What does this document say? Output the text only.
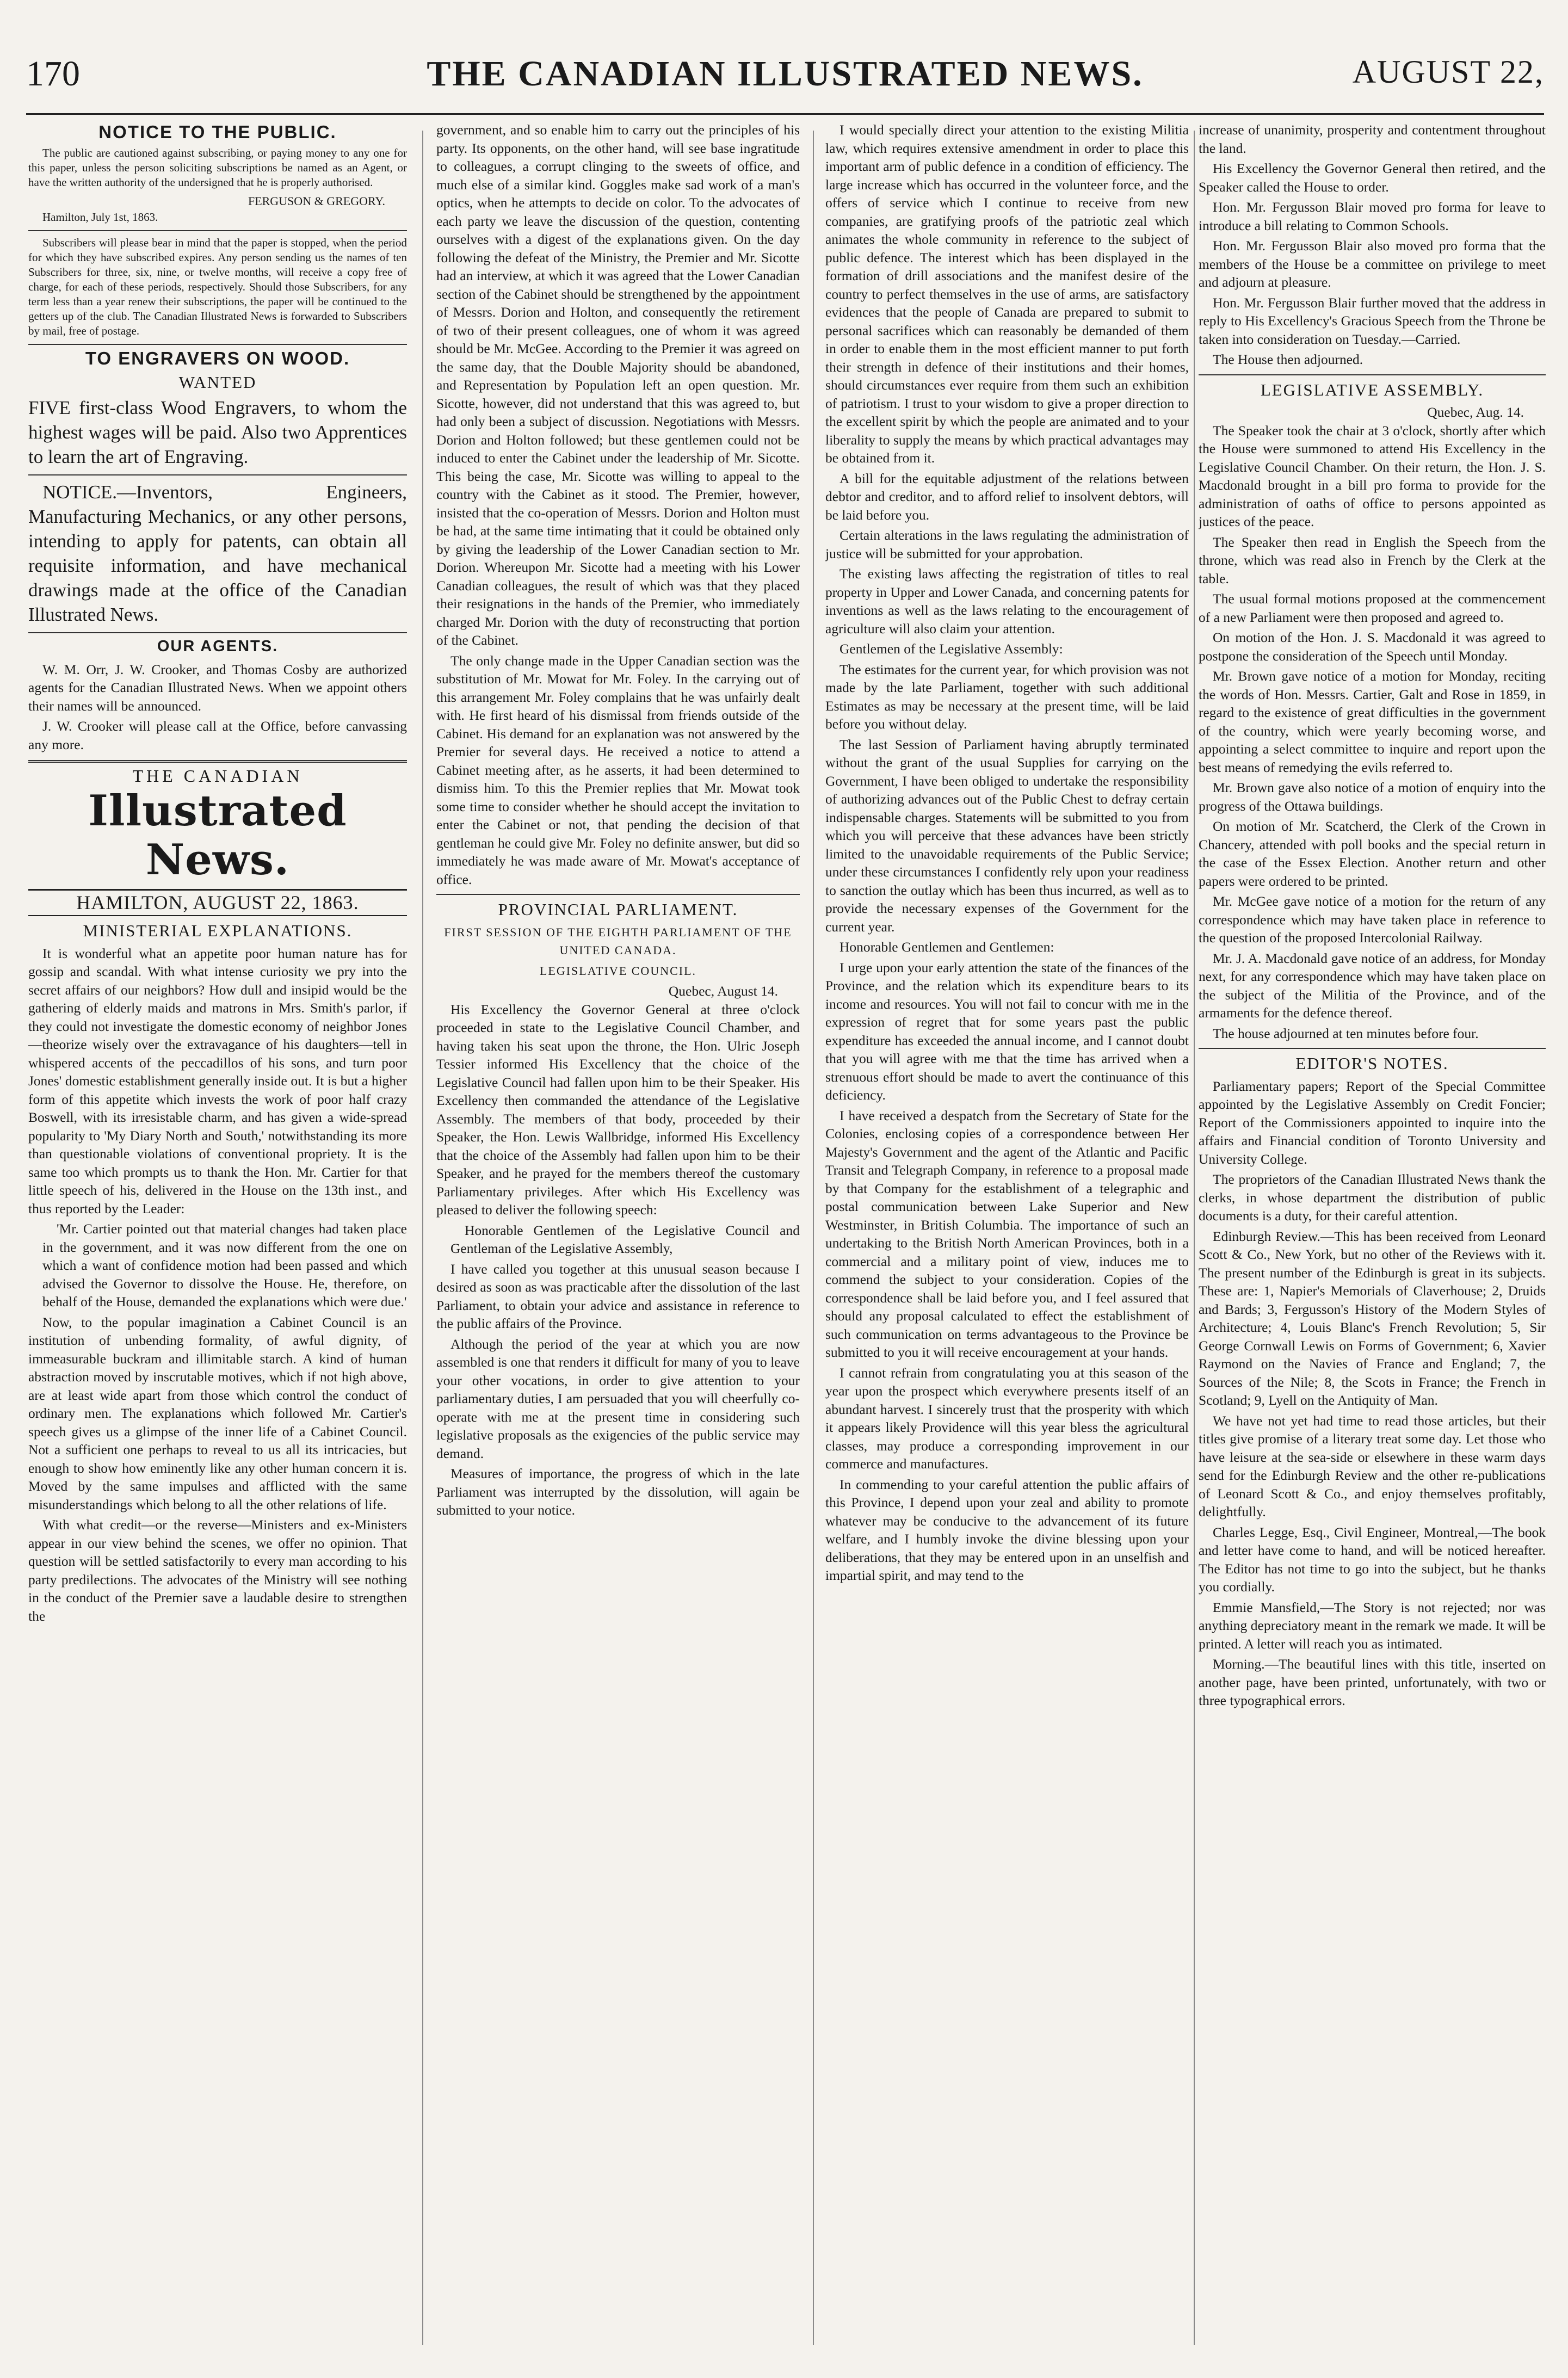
170	THE CANADIAN ILLUSTRATED NEWS.	AUGUST 22,
NOTICE TO THE PUBLIC.

The public are cautioned against subscribing, or paying money to any one for this paper, unless the person soliciting subscriptions be named as an Agent, or have the written authority of the undersigned that he is properly authorised.

FERGUSON & GREGORY.

Hamilton, July 1st, 1863.

Subscribers will please bear in mind that the paper is stopped, when the period for which they have subscribed expires. Any person sending us the names of ten Subscribers for three, six, nine, or twelve months, will receive a copy free of charge, for each of these periods, respectively. Should those Subscribers, for any term less than a year renew their subscriptions, the paper will be continued to the getters up of the club. The Canadian Illustrated News is forwarded to Subscribers by mail, free of postage.

TO ENGRAVERS ON WOOD.
WANTED

FIVE first-class Wood Engravers, to whom the highest wages will be paid. Also two Apprentices to learn the art of Engraving.

NOTICE.—Inventors, Engineers, Manufacturing Mechanics, or any other persons, intending to apply for patents, can obtain all requisite information, and have mechanical drawings made at the office of the Canadian Illustrated News.

OUR AGENTS.

W. M. Orr, J. W. Crooker, and Thomas Cosby are authorized agents for the Canadian Illustrated News. When we appoint others their names will be announced.

J. W. Crooker will please call at the Office, before canvassing any more.

THE CANADIAN
Illustrated News.
HAMILTON, AUGUST 22, 1863.
MINISTERIAL EXPLANATIONS.

It is wonderful what an appetite poor human nature has for gossip and scandal. With what intense curiosity we pry into the secret affairs of our neighbors? How dull and insipid would be the gathering of elderly maids and matrons in Mrs. Smith's parlor, if they could not investigate the domestic economy of neighbor Jones—theorize wisely over the extravagance of his daughters—tell in whispered accents of the peccadillos of his sons, and turn poor Jones' domestic establishment generally inside out. It is but a higher form of this appetite which invests the work of poor half crazy Boswell, with its irresistable charm, and has given a wide-spread popularity to 'My Diary North and South,' notwithstanding its more than questionable violations of conventional propriety. It is the same too which prompts us to thank the Hon. Mr. Cartier for that little speech of his, delivered in the House on the 13th inst., and thus reported by the Leader:

'Mr. Cartier pointed out that material changes had taken place in the government, and it was now different from the one on which a want of confidence motion had been passed and which advised the Governor to dissolve the House. He, therefore, on behalf of the House, demanded the explanations which were due.'

Now, to the popular imagination a Cabinet Council is an institution of unbending formality, of awful dignity, of immeasurable buckram and illimitable starch. A kind of human abstraction moved by inscrutable motives, which if not high above, are at least wide apart from those which control the conduct of ordinary men. The explanations which followed Mr. Cartier's speech gives us a glimpse of the inner life of a Cabinet Council. Not a sufficient one perhaps to reveal to us all its intricacies, but enough to show how eminently like any other human concern it is. Moved by the same impulses and afflicted with the same misunderstandings which belong to all the other relations of life.

With what credit—or the reverse—Ministers and ex-Ministers appear in our view behind the scenes, we offer no opinion. That question will be settled satisfactorily to every man according to his party predilections. The advocates of the Ministry will see nothing in the conduct of the Premier save a laudable desire to strengthen the

government, and so enable him to carry out the principles of his party. Its opponents, on the other hand, will see base ingratitude to colleagues, a corrupt clinging to the sweets of office, and much else of a similar kind. Goggles make sad work of a man's optics, when he attempts to decide on color. To the advocates of each party we leave the discussion of the question, contenting ourselves with a digest of the explanations given. On the day following the defeat of the Ministry, the Premier and Mr. Sicotte had an interview, at which it was agreed that the Lower Canadian section of the Cabinet should be strengthened by the appointment of Messrs. Dorion and Holton, and consequently the retirement of two of their present colleagues, one of whom it was agreed should be Mr. McGee. According to the Premier it was agreed on the same day, that the Double Majority should be abandoned, and Representation by Population left an open question. Mr. Sicotte, however, did not understand that this was agreed to, but had only been a subject of discussion. Negotiations with Messrs. Dorion and Holton followed; but these gentlemen could not be induced to enter the Cabinet under the leadership of Mr. Sicotte. This being the case, Mr. Sicotte was willing to appeal to the country with the Cabinet as it stood. The Premier, however, insisted that the co-operation of Messrs. Dorion and Holton must be had, at the same time intimating that it could be obtained only by giving the leadership of the Lower Canadian section to Mr. Dorion. Whereupon Mr. Sicotte had a meeting with his Lower Canadian colleagues, the result of which was that they placed their resignations in the hands of the Premier, who immediately charged Mr. Dorion with the duty of reconstructing that portion of the Cabinet.

The only change made in the Upper Canadian section was the substitution of Mr. Mowat for Mr. Foley. In the carrying out of this arrangement Mr. Foley complains that he was unfairly dealt with. He first heard of his dismissal from friends outside of the Cabinet. His demand for an explanation was not answered by the Premier for several days. He received a notice to attend a Cabinet meeting after, as he asserts, it had been determined to dismiss him. To this the Premier replies that Mr. Mowat took some time to consider whether he should accept the invitation to enter the Cabinet or not, that pending the decision of that gentleman he could give Mr. Foley no definite answer, but did so immediately he was made aware of Mr. Mowat's acceptance of office.

PROVINCIAL PARLIAMENT.
FIRST SESSION OF THE EIGHTH PARLIAMENT OF THE UNITED CANADA.
LEGISLATIVE COUNCIL.
Quebec, August 14.

His Excellency the Governor General at three o'clock proceeded in state to the Legislative Council Chamber, and having taken his seat upon the throne, the Hon. Ulric Joseph Tessier informed His Excellency that the choice of the Legislative Council had fallen upon him to be their Speaker. His Excellency then commanded the attendance of the Legislative Assembly. The members of that body, proceeded by their Speaker, the Hon. Lewis Wallbridge, informed His Excellency that the choice of the Assembly had fallen upon him to be their Speaker, and he prayed for the members thereof the customary Parliamentary privileges. After which His Excellency was pleased to deliver the following speech:

Honorable Gentlemen of the Legislative Council and Gentleman of the Legislative Assembly,

I have called you together at this unusual season because I desired as soon as was practicable after the dissolution of the last Parliament, to obtain your advice and assistance in reference to the public affairs of the Province.

Although the period of the year at which you are now assembled is one that renders it difficult for many of you to leave your other vocations, in order to give attention to your parliamentary duties, I am persuaded that you will cheerfully co-operate with me at the present time in considering such legislative proposals as the exigencies of the public service may demand.

Measures of importance, the progress of which in the late Parliament was interrupted by the dissolution, will again be submitted to your notice.

I would specially direct your attention to the existing Militia law, which requires extensive amendment in order to place this important arm of public defence in a condition of efficiency. The large increase which has occurred in the volunteer force, and the offers of service which I continue to receive from new companies, are gratifying proofs of the patriotic zeal which animates the whole community in reference to the subject of public defence. The interest which has been displayed in the formation of drill associations and the manifest desire of the country to perfect themselves in the use of arms, are satisfactory evidences that the people of Canada are prepared to submit to personal sacrifices which can reasonably be demanded of them in order to enable them in the most efficient manner to put forth their strength in defence of their institutions and their homes, should circumstances ever require from them such an exhibition of patriotism. I trust to your wisdom to give a proper direction to the excellent spirit by which the people are animated and to your liberality to supply the means by which practical advantages may be obtained from it.

A bill for the equitable adjustment of the relations between debtor and creditor, and to afford relief to insolvent debtors, will be laid before you.

Certain alterations in the laws regulating the administration of justice will be submitted for your approbation.

The existing laws affecting the registration of titles to real property in Upper and Lower Canada, and concerning patents for inventions as well as the laws relating to the encouragement of agriculture will also claim your attention.

Gentlemen of the Legislative Assembly:

The estimates for the current year, for which provision was not made by the late Parliament, together with such additional Estimates as may be necessary at the present time, will be laid before you without delay.

The last Session of Parliament having abruptly terminated without the grant of the usual Supplies for carrying on the Government, I have been obliged to undertake the responsibility of authorizing advances out of the Public Chest to defray certain indispensable charges. Statements will be submitted to you from which you will perceive that these advances have been strictly limited to the unavoidable requirements of the Public Service; under these circumstances I confidently rely upon your readiness to sanction the outlay which has been thus incurred, as well as to provide the necessary expenses of the Government for the current year.

Honorable Gentlemen and Gentlemen:

I urge upon your early attention the state of the finances of the Province, and the relation which its expenditure bears to its income and resources. You will not fail to concur with me in the expression of regret that for some years past the public expenditure has exceeded the annual income, and I cannot doubt that you will agree with me that the time has arrived when a strenuous effort should be made to avert the continuance of this deficiency.

I have received a despatch from the Secretary of State for the Colonies, enclosing copies of a correspondence between Her Majesty's Government and the agent of the Atlantic and Pacific Transit and Telegraph Company, in reference to a proposal made by that Company for the establishment of a telegraphic and postal communication between Lake Superior and New Westminster, in British Columbia. The importance of such an undertaking to the British North American Provinces, both in a commercial and a military point of view, induces me to commend the subject to your consideration. Copies of the correspondence shall be laid before you, and I feel assured that should any proposal calculated to effect the establishment of such communication on terms advantageous to the Province be submitted to you it will receive encouragement at your hands.

I cannot refrain from congratulating you at this season of the year upon the prospect which everywhere presents itself of an abundant harvest. I sincerely trust that the prosperity with which it appears likely Providence will this year bless the agricultural classes, may produce a corresponding improvement in our commerce and manufactures.

In commending to your careful attention the public affairs of this Province, I depend upon your zeal and ability to promote whatever may be conducive to the advancement of its future welfare, and I humbly invoke the divine blessing upon your deliberations, that they may be entered upon in an unselfish and impartial spirit, and may tend to the

increase of unanimity, prosperity and contentment throughout the land.

His Excellency the Governor General then retired, and the Speaker called the House to order.

Hon. Mr. Fergusson Blair moved pro forma for leave to introduce a bill relating to Common Schools.

Hon. Mr. Fergusson Blair also moved pro forma that the members of the House be a committee on privilege to meet and adjourn at pleasure.

Hon. Mr. Fergusson Blair further moved that the address in reply to His Excellency's Gracious Speech from the Throne be taken into consideration on Tuesday.—Carried.

The House then adjourned.

LEGISLATIVE ASSEMBLY.
Quebec, Aug. 14.

The Speaker took the chair at 3 o'clock, shortly after which the House were summoned to attend His Excellency in the Legislative Council Chamber. On their return, the Hon. J. S. Macdonald brought in a bill pro forma to provide for the administration of oaths of office to persons appointed as justices of the peace.

The Speaker then read in English the Speech from the throne, which was read also in French by the Clerk at the table.

The usual formal motions proposed at the commencement of a new Parliament were then proposed and agreed to.

On motion of the Hon. J. S. Macdonald it was agreed to postpone the consideration of the Speech until Monday.

Mr. Brown gave notice of a motion for Monday, reciting the words of Hon. Messrs. Cartier, Galt and Rose in 1859, in regard to the existence of great difficulties in the government of the country, which were yearly becoming worse, and appointing a select committee to inquire and report upon the best means of remedying the evils referred to.

Mr. Brown gave also notice of a motion of enquiry into the progress of the Ottawa buildings.

On motion of Mr. Scatcherd, the Clerk of the Crown in Chancery, attended with poll books and the special return in the case of the Essex Election. Another return and other papers were ordered to be printed.

Mr. McGee gave notice of a motion for the return of any correspondence which may have taken place in reference to the question of the proposed Intercolonial Railway.

Mr. J. A. Macdonald gave notice of an address, for Monday next, for any correspondence which may have taken place on the subject of the Militia of the Province, and of the armaments for the defence thereof.

The house adjourned at ten minutes before four.

EDITOR'S NOTES.

Parliamentary papers; Report of the Special Committee appointed by the Legislative Assembly on Credit Foncier; Report of the Commissioners appointed to inquire into the affairs and Financial condition of Toronto University and University College.

The proprietors of the Canadian Illustrated News thank the clerks, in whose department the distribution of public documents is a duty, for their careful attention.

Edinburgh Review.—This has been received from Leonard Scott & Co., New York, but no other of the Reviews with it. The present number of the Edinburgh is great in its subjects. These are: 1, Napier's Memorials of Claverhouse; 2, Druids and Bards; 3, Fergusson's History of the Modern Styles of Architecture; 4, Louis Blanc's French Revolution; 5, Sir George Cornwall Lewis on Forms of Government; 6, Xavier Raymond on the Navies of France and England; 7, the Sources of the Nile; 8, the Scots in France; the French in Scotland; 9, Lyell on the Antiquity of Man.

We have not yet had time to read those articles, but their titles give promise of a literary treat some day. Let those who have leisure at the sea-side or elsewhere in these warm days send for the Edinburgh Review and the other re-publications of Leonard Scott & Co., and enjoy themselves profitably, delightfully.

Charles Legge, Esq., Civil Engineer, Montreal,—The book and letter have come to hand, and will be noticed hereafter. The Editor has not time to go into the subject, but he thanks you cordially.

Emmie Mansfield,—The Story is not rejected; nor was anything depreciatory meant in the remark we made. It will be printed. A letter will reach you as intimated.

Morning.—The beautiful lines with this title, inserted on another page, have been printed, unfortunately, with two or three typographical errors.
